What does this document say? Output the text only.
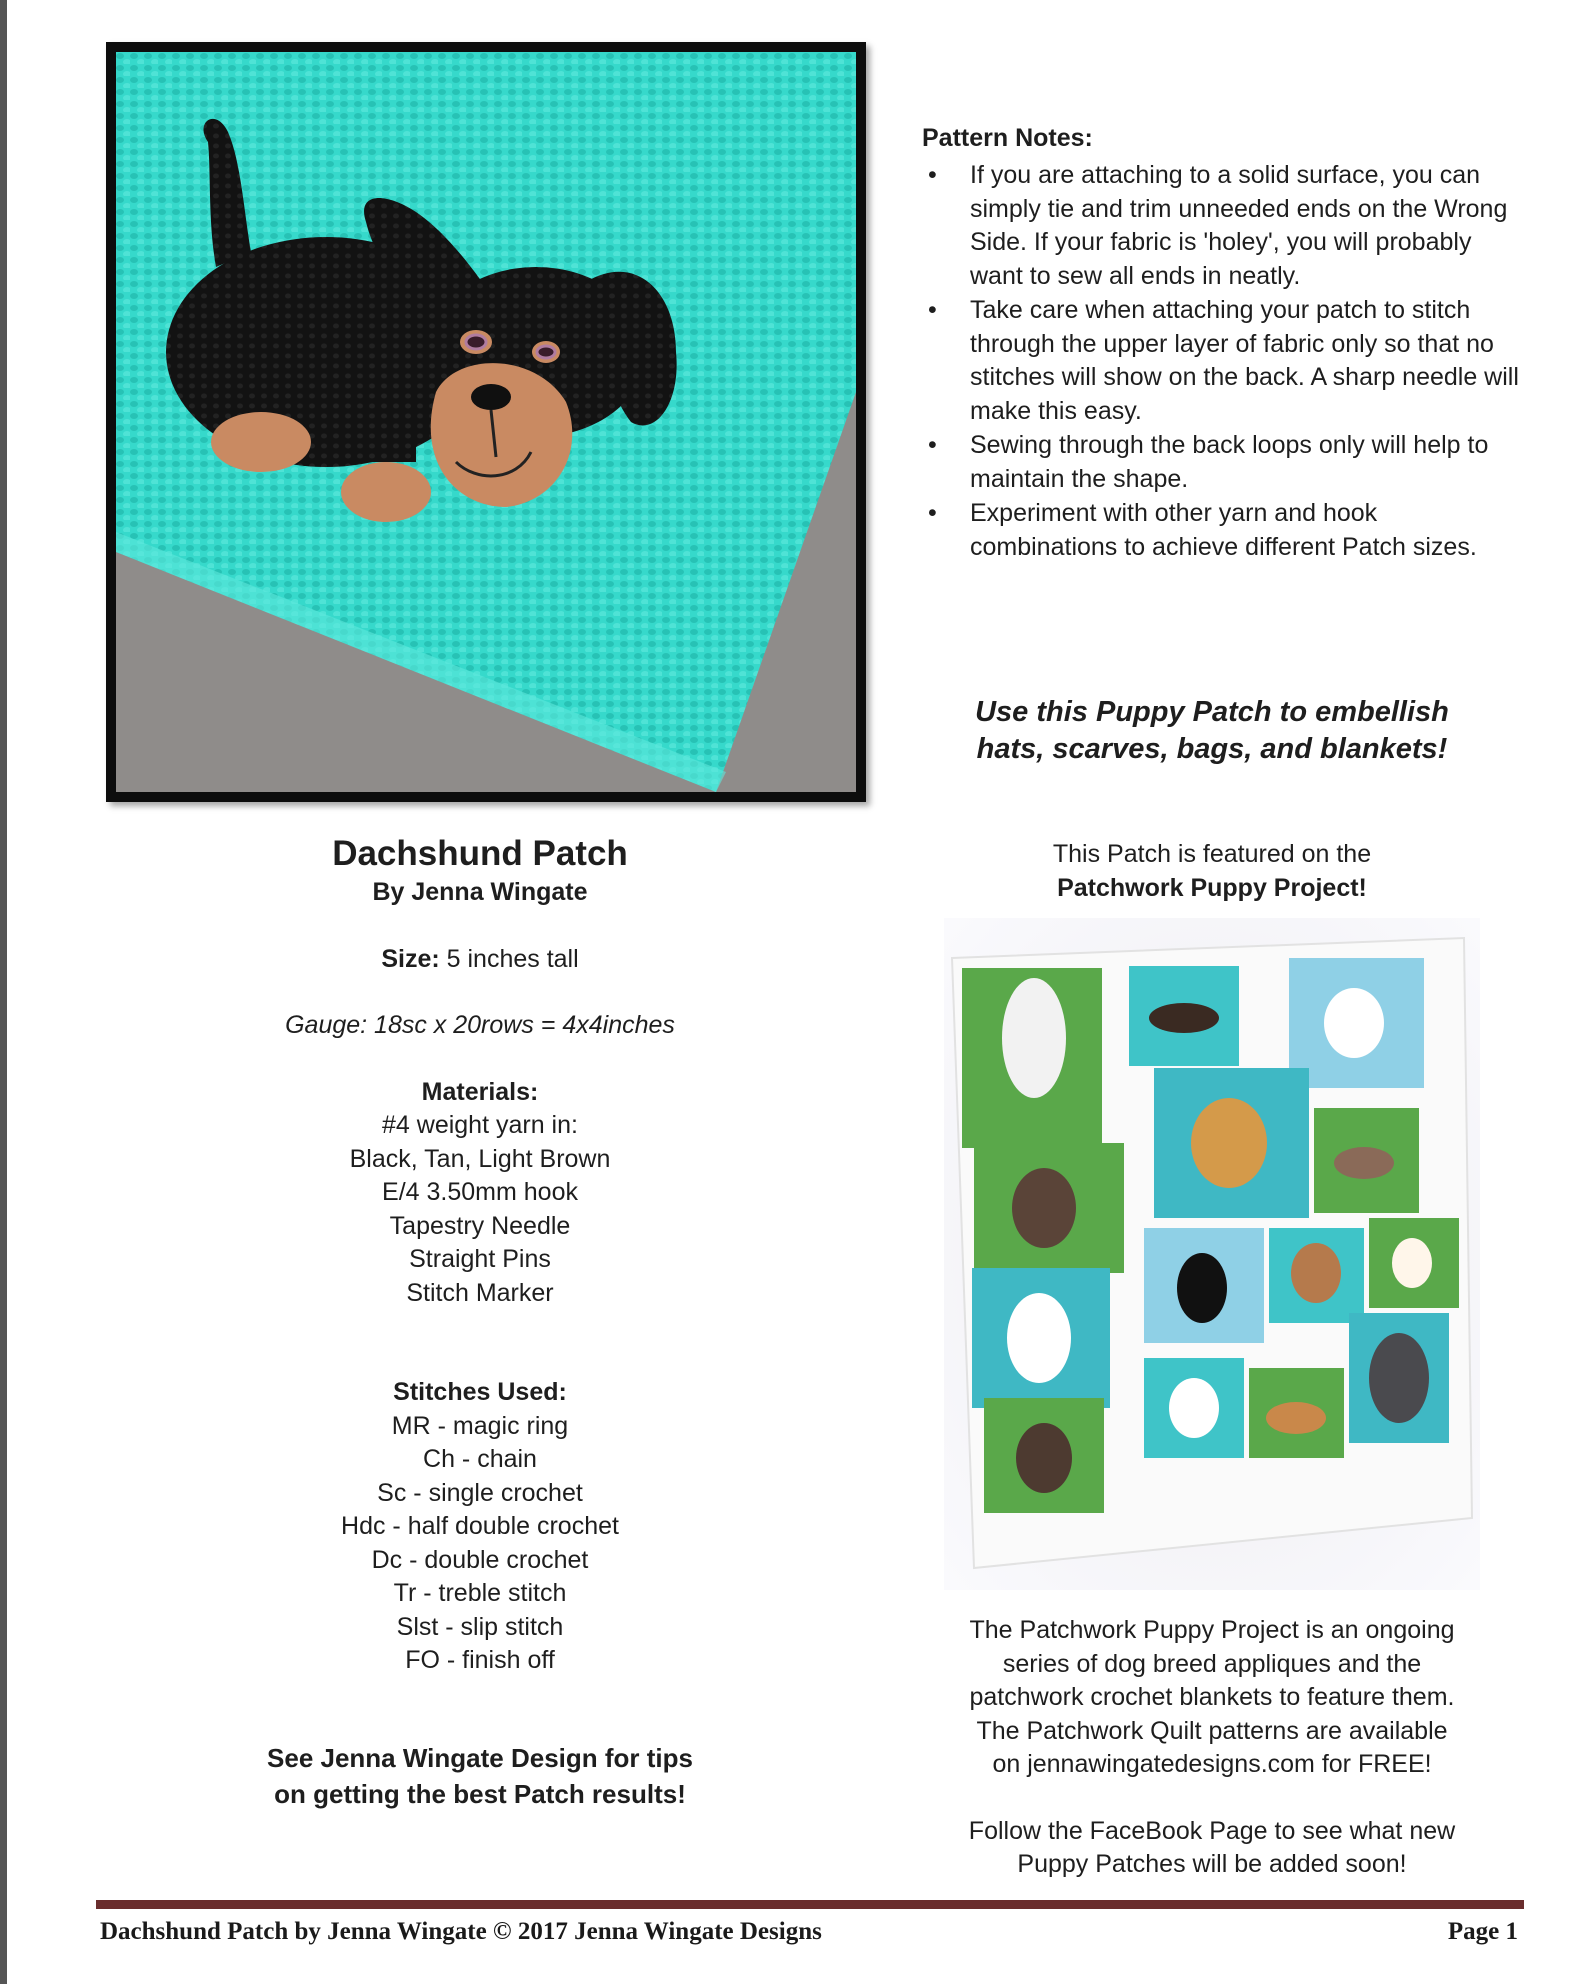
Pattern Notes:
• If you are attaching to a solid surface, you can simply tie and trim unneeded ends on the Wrong Side. If your fabric is 'holey', you will probably want to sew all ends in neatly.
• Take care when attaching your patch to stitch through the upper layer of fabric only so that no stitches will show on the back. A sharp needle will make this easy.
• Sewing through the back loops only will help to maintain the shape.
• Experiment with other yarn and hook combinations to achieve different Patch sizes.
Use this Puppy Patch to embellish
hats, scarves, bags, and blankets!
Dachshund Patch
By Jenna Wingate

Size: 5 inches tall

Gauge: 18sc x 20rows = 4x4inches

Materials:

#4 weight yarn in:

Black, Tan, Light Brown

E/4 3.50mm hook

Tapestry Needle

Straight Pins

Stitch Marker

Stitches Used:

MR - magic ring

Ch - chain

Sc - single crochet

Hdc - half double crochet

Dc - double crochet

Tr - treble stitch

Slst - slip stitch

FO - finish off

See Jenna Wingate Design for tips
on getting the best Patch results!
This Patch is featured on the
Patchwork Puppy Project!

The Patchwork Puppy Project is an ongoing

series of dog breed appliques and the

patchwork crochet blankets to feature them.

The Patchwork Quilt patterns are available

on jennawingatedesigns.com for FREE!

Follow the FaceBook Page to see what new

Puppy Patches will be added soon!

Dachshund Patch by Jenna Wingate © 2017 Jenna Wingate Designs	Page 1
